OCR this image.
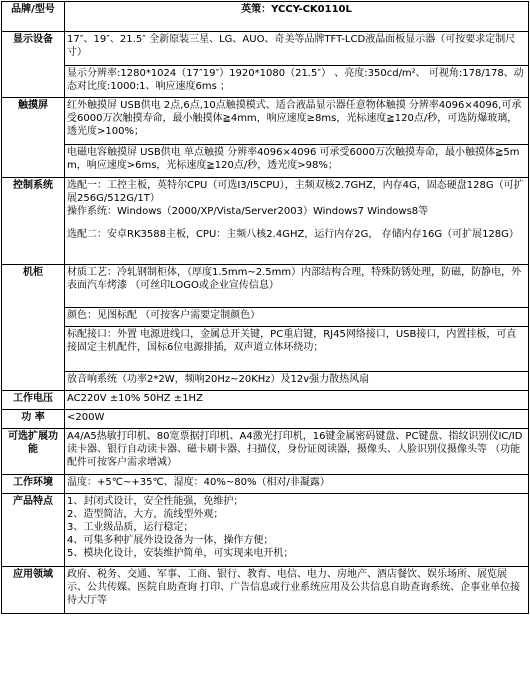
品牌/型号	英策：YCCY-CK0110L
显示设备	17″、19″、21.5″ 全新原装三星、LG、AUO、奇美等品牌TFT-LCD液晶面板显示器（可按要求定制尺寸）
	显示分辨率:1280*1024（17″19″）1920*1080（21.5″） 、亮度:350cd/m²、 可视角:178/178、动态对比度:1000:1、响应速度6ms ；
触摸屏	红外触摸屏 USB供电 2点,6点,10点触摸模式、适合液晶显示器任意物体触摸 分辨率4096×4096,可承受6000万次触摸寿命，最小触摸体≧4mm，响应速度≥8ms，光标速度≧120点/秒，可选防爆玻璃，透光度>100%；
	电磁电容触摸屏 USB供电 单点触摸 分辨率4096×4096 可承受6000万次触摸寿命，最小触摸体≧5mm，响应速度>6ms，光标速度≧120点/秒，透光度>98%；
控制系统	选配一：工控主板，英特尔CPU（可选I3/I5CPU），主频双核2.7GHZ，内存4G，固态硬盘128G（可扩展256G/512G/1T）
操作系统：Windows（2000/XP/Vista/Server2003）Windows7 Windows8等
选配二：安卓RK3588主板，CPU：主频八核2.4GHZ，运行内存2G， 存储内存16G（可扩展128G）

机柜	材质工艺：冷轧钢制柜体，（厚度1.5mm~2.5mm）内部结构合理，特殊防锈处理，防磁，防静电，外表面汽车烤漆 （可丝印LOGO或企业宣传信息）
	颜色：见图标配 （可按客户需要定制颜色）
	标配接口：外置 电源进线口，金属总开关键，PC重启键，RJ45网络接口，USB接口，内置挂板，可直接固定主机配件，国标6位电源排插，双声道立体环绕功；
	放音响系统（功率2*2W，频响20Hz~20KHz）及12v强力散热风扇
工作电压	AC220V ±10% 50HZ ±1HZ
功 率	<200W
可选扩展功能	A4/A5热敏打印机、80宽票据打印机、A4激光打印机，16键金属密码键盘、PC键盘、指纹识别仪IC/ID读卡器、银行自动读卡器、磁卡刷卡器、扫描仪，身份证阅读器，摄像头、人脸识别仪摄像头等 （功能配件可按客户需求增减）
工作环境	温度：+5℃~+35℃、湿度：40%~80%（相对/非凝露）
产品特点	1、封闭式设计，安全性能强，免维护；
2、造型简洁，大方，流线型外观；
3、工业级品质，运行稳定；
4、可集多种扩展外设设备为一体，操作方便；
5、模块化设计，安装维护简单，可实现来电开机；

应用领域	政府、税务、交通、军事、工商、银行、教育、电信、电力、房地产、酒店餐饮、娱乐场所、展览展示、公共传媒、医院自助查询 打印、广告信息或行业系统应用及公共信息自助查询系统、企事业单位接待大厅等
